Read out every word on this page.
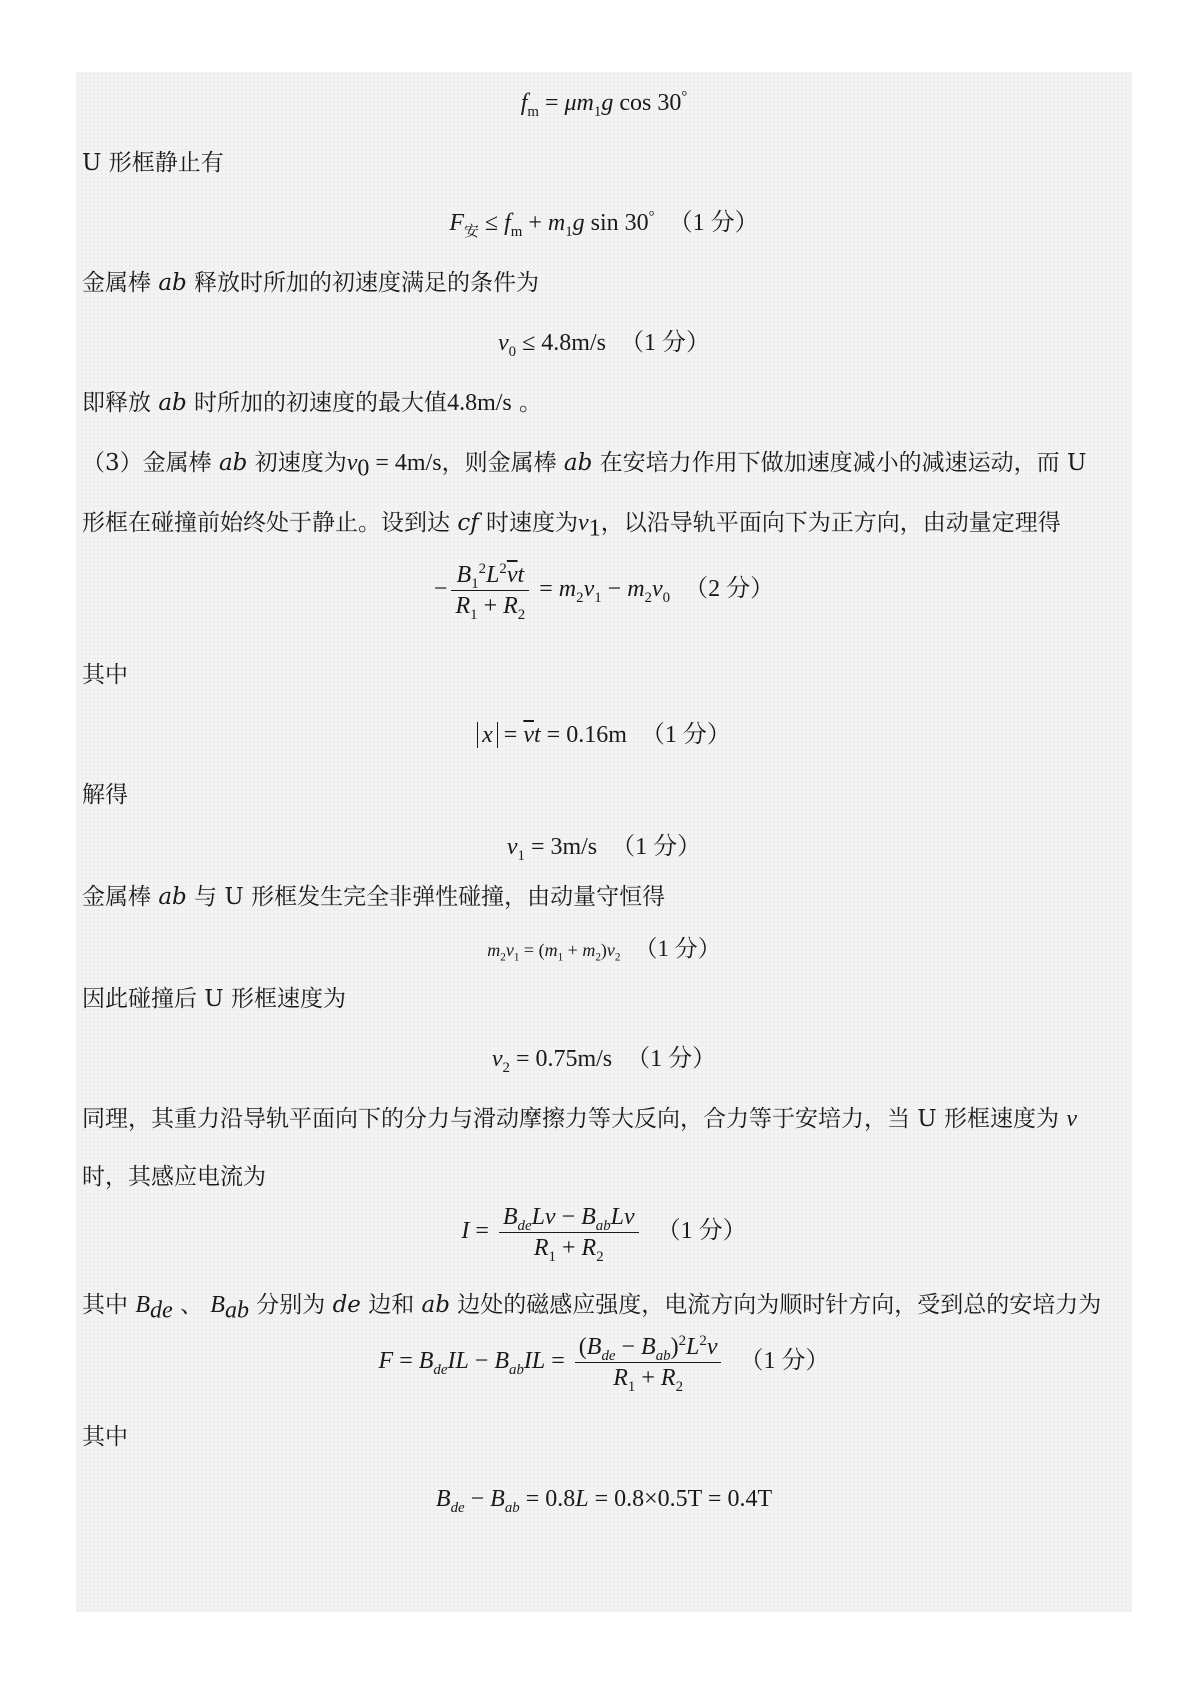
$f_m = \mu m_1g$ cos 30°
U 形框静止有
$F_安 \le f_m + m_1g$ sin 30° （1 分）
金属棒 ab 释放时所加的初速度满足的条件为
$v_0 \le 4.8m/s$ （1 分）
即释放 ab 时所加的初速度的最大值4.8m/s 。
（3）金属棒 ab 初速度为$v_0 = 4m/s$，则金属棒 ab 在安培力作用下做加速度减小的减速运动，而 U
形框在碰撞前始终处于静止。设到达 cf 时速度为$v_1$，以沿导轨平面向下为正方向，由动量定理得
− $\frac{B_1^2L^2\overline{v}t}{R_1 + R_2} = m_2v_1 - m_2v_0$ （2 分）
其中
$x = \overline{v}t = 0.16m$ （1 分）
解得
$v_1 = 3m/s$ （1 分）
金属棒 ab 与 U 形框发生完全非弹性碰撞，由动量守恒得
$m_2v_1 = (m_1 + m_2)v_2$ （1 分）
因此碰撞后 U 形框速度为
$v_2 = 0.75m/s$ （1 分）
同理，其重力沿导轨平面向下的分力与滑动摩擦力等大反向，合力等于安培力，当 U 形框速度为 v
时，其感应电流为
$I = \frac{B_{de}Lv - B_{ab}Lv}{R_1 + R_2} (1$ 分）
其中 $B_{de}$ 、 $B_{ab}$ 分别为 de 边和 ab 边处的磁感应强度，电流方向为顺时针方向，受到总的安培力为
$F = B_{de}IL - B_{ab}IL = \frac{(B_{de} - B_{ab})^2L^2v}{R_1 + R_2} (1$ 分）
其中
$B_{de} - B_{ab} = 0.8L = 0.8\times 0.5T = 0.4T$
